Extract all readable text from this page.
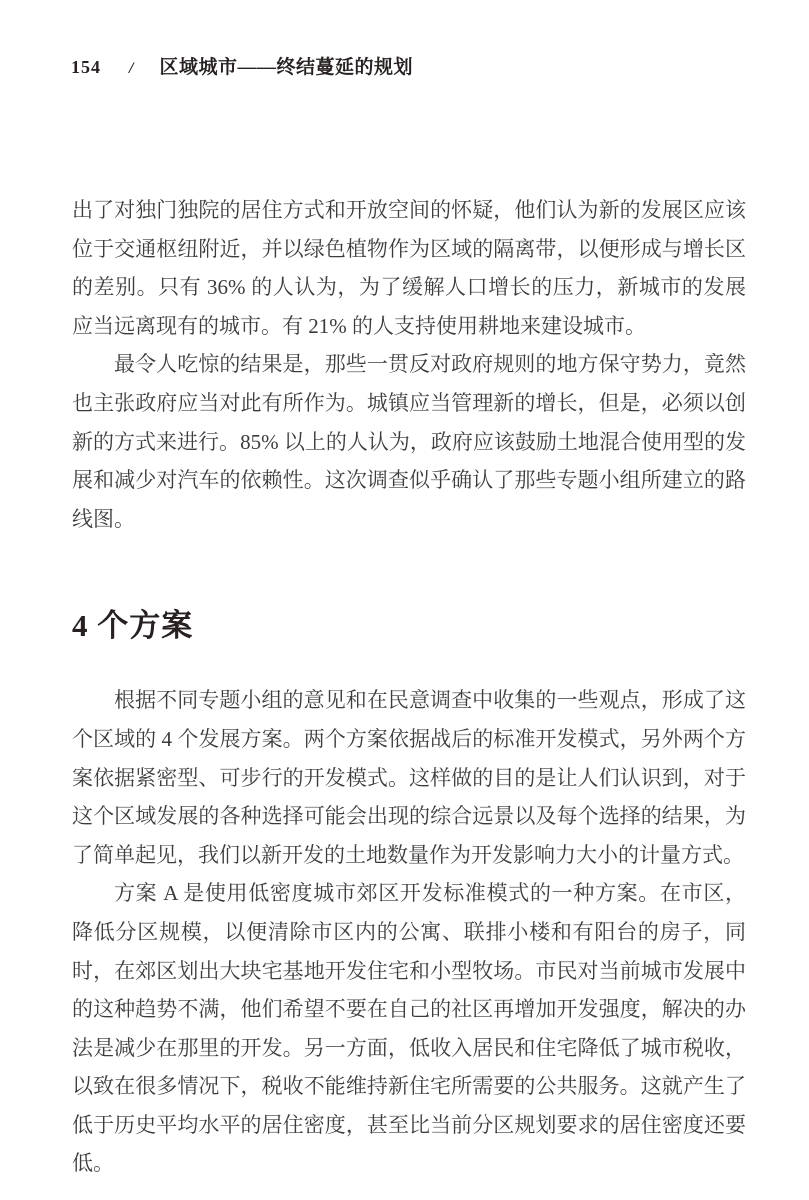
154 / 区域城市——终结蔓延的规划

出了对独门独院的居住方式和开放空间的怀疑，他们认为新的发展区应该位于交通枢纽附近，并以绿色植物作为区域的隔离带，以便形成与增长区的差别。只有 36% 的人认为，为了缓解人口增长的压力，新城市的发展应当远离现有的城市。有 21% 的人支持使用耕地来建设城市。

最令人吃惊的结果是，那些一贯反对政府规则的地方保守势力，竟然也主张政府应当对此有所作为。城镇应当管理新的增长，但是，必须以创新的方式来进行。85% 以上的人认为，政府应该鼓励土地混合使用型的发展和减少对汽车的依赖性。这次调查似乎确认了那些专题小组所建立的路线图。

4 个方案

根据不同专题小组的意见和在民意调查中收集的一些观点，形成了这个区域的 4 个发展方案。两个方案依据战后的标准开发模式，另外两个方案依据紧密型、可步行的开发模式。这样做的目的是让人们认识到，对于这个区域发展的各种选择可能会出现的综合远景以及每个选择的结果，为了简单起见，我们以新开发的土地数量作为开发影响力大小的计量方式。

方案 A 是使用低密度城市郊区开发标准模式的一种方案。在市区，降低分区规模，以便清除市区内的公寓、联排小楼和有阳台的房子，同时，在郊区划出大块宅基地开发住宅和小型牧场。市民对当前城市发展中的这种趋势不满，他们希望不要在自己的社区再增加开发强度，解决的办法是减少在那里的开发。另一方面，低收入居民和住宅降低了城市税收，以致在很多情况下，税收不能维持新住宅所需要的公共服务。这就产生了低于历史平均水平的居住密度，甚至比当前分区规划要求的居住密度还要低。
